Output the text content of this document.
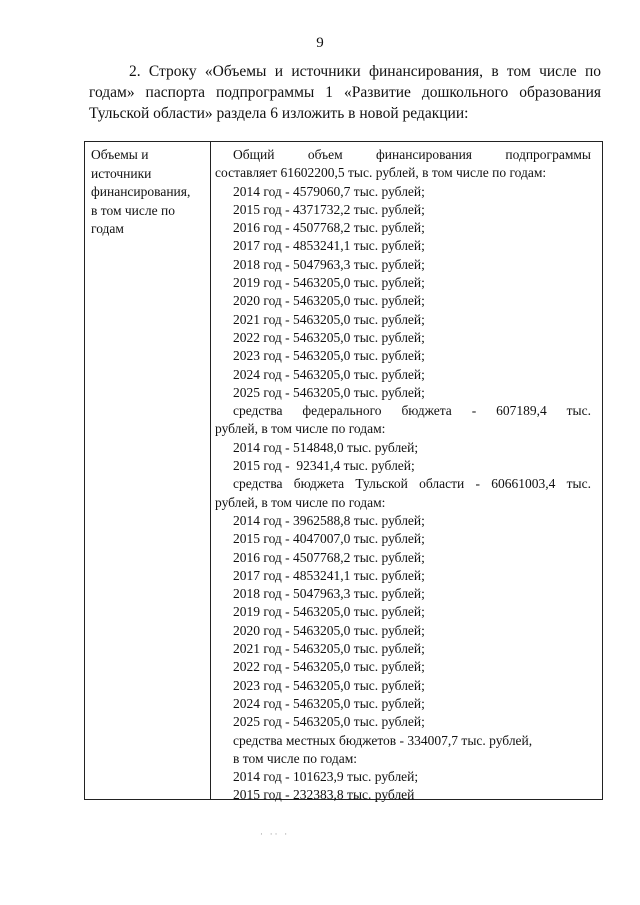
9
2. Строку «Объемы и источники финансирования, в том числе по годам» паспорта подпрограммы 1 «Развитие дошкольного образования Тульской области» раздела 6 изложить в новой редакции:
Объемы и
источники
финансирования,
в том числе по
годам
Общий объем финансирования подпрограммы
составляет 61602200,5 тыс. рублей, в том числе по годам:
2014 год - 4579060,7 тыс. рублей;
2015 год - 4371732,2 тыс. рублей;
2016 год - 4507768,2 тыс. рублей;
2017 год - 4853241,1 тыс. рублей;
2018 год - 5047963,3 тыс. рублей;
2019 год - 5463205,0 тыс. рублей;
2020 год - 5463205,0 тыс. рублей;
2021 год - 5463205,0 тыс. рублей;
2022 год - 5463205,0 тыс. рублей;
2023 год - 5463205,0 тыс. рублей;
2024 год - 5463205,0 тыс. рублей;
2025 год - 5463205,0 тыс. рублей;
средства федерального бюджета - 607189,4 тыс.
рублей, в том числе по годам:
2014 год - 514848,0 тыс. рублей;
2015 год -  92341,4 тыс. рублей;
средства бюджета Тульской области - 60661003,4 тыс.
рублей, в том числе по годам:
2014 год - 3962588,8 тыс. рублей;
2015 год - 4047007,0 тыс. рублей;
2016 год - 4507768,2 тыс. рублей;
2017 год - 4853241,1 тыс. рублей;
2018 год - 5047963,3 тыс. рублей;
2019 год - 5463205,0 тыс. рублей;
2020 год - 5463205,0 тыс. рублей;
2021 год - 5463205,0 тыс. рублей;
2022 год - 5463205,0 тыс. рублей;
2023 год - 5463205,0 тыс. рублей;
2024 год - 5463205,0 тыс. рублей;
2025 год - 5463205,0 тыс. рублей;
средства местных бюджетов - 334007,7 тыс. рублей,
в том числе по годам:
2014 год - 101623,9 тыс. рублей;
2015 год - 232383,8 тыс. рублей
· ·· ·
